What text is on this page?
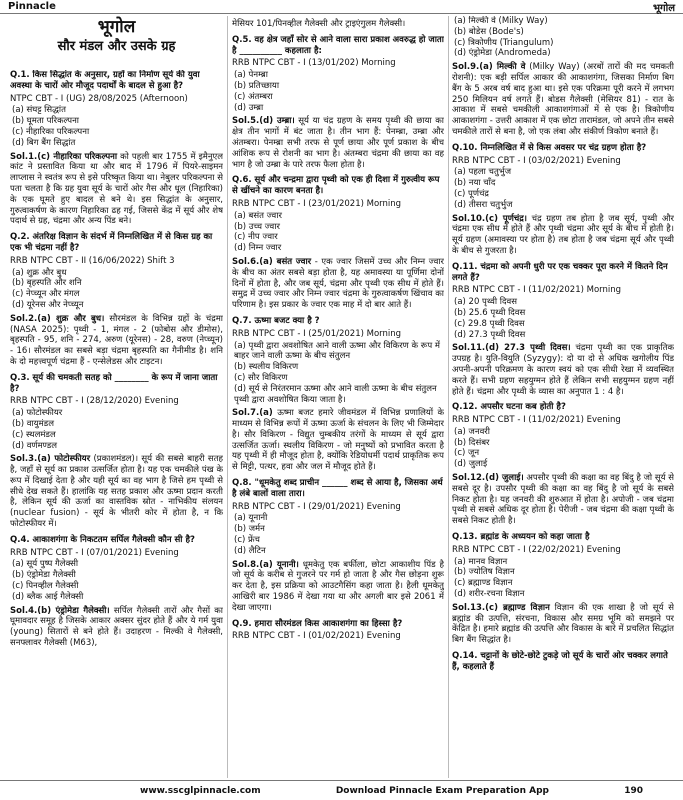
Pinnacle	भूगोल

भूगोल

सौर मंडल और उसके ग्रह

Q.1. किस सिद्धांत के अनुसार, ग्रहों का निर्माण सूर्य की युवा अवस्था के चारों ओर मौजूद पदार्थों के बादल से हुआ है?

NTPC CBT - I (UG) 28/08/2025 (Afternoon)

(a) संघट्ट सिद्धांत

(b) घूमता परिकल्पना

(c) नीहारिका परिकल्पना

(d) बिग बैंग सिद्धांत

Sol.1.(c) नीहारिका परिकल्पना को पहली बार 1755 में इमैनुएल कांट ने प्रस्तावित किया था और बाद में 1796 में पियरे-साइमन लाप्लास ने स्वतंत्र रूप से इसे परिष्कृत किया था। नेबुलर परिकल्पना से पता चलता है कि ग्रह युवा सूर्य के चारों ओर गैस और धूल (निहारिका) के एक घूमते हुए बादल से बने थे। इस सिद्धांत के अनुसार, गुरुत्वाकर्षण के कारण निहारिका ढह गई, जिससे केंद्र में सूर्य और शेष पदार्थ से ग्रह, चंद्रमा और अन्य पिंड बने।

Q.2. अंतरिक्ष विज्ञान के संदर्भ में निम्नलिखित में से किस ग्रह का एक भी चंद्रमा नहीं है?

RRB NTPC CBT - II (16/06/2022) Shift 3

(a) शुक्र और बुध

(b) बृहस्पति और शनि

(c) नेप्च्यून और मंगल

(d) यूरेनस और नेप्च्यून

Sol.2.(a) शुक्र और बुध। सौरमंडल के विभिन्न ग्रहों के चंद्रमा (NASA 2025): पृथ्वी - 1, मंगल - 2 (फोबोस और डीमोस), बृहस्पति - 95, शनि - 274, अरुण (यूरेनस) - 28, वरुण (नेप्च्यून) - 16। सौरमंडल का सबसे बड़ा चंद्रमा बृहस्पति का गैनीमीड है। शनि के दो महत्त्वपूर्ण चंद्रमा हैं - एन्सेलेडस और टाइटन।

Q.3. सूर्य की चमकती सतह को ________ के रूप में जाना जाता है?

RRB NTPC CBT - I (28/12/2020) Evening

(a) फोटोस्फीयर

(b) वायुमंडल

(c) स्थलमंडल

(d) वर्णमण्डल

Sol.3.(a) फोटोस्फीयर (प्रकाशमंडल)। सूर्य की सबसे बाहरी सतह है, जहाँ से सूर्य का प्रकाश उत्सर्जित होता है। यह एक चमकीले पंख के रूप में दिखाई देता है और यही सूर्य का वह भाग है जिसे हम पृथ्वी से सीधे देख सकते हैं। हालांकि यह सतह प्रकाश और ऊष्मा प्रदान करती है, लेकिन सूर्य की ऊर्जा का वास्तविक स्रोत - नाभिकीय संलयन (nuclear fusion) - सूर्य के भीतरी कोर में होता है, न कि फोटोस्फीयर में।

Q.4. आकाशगंगा के निकटतम सर्पिल गैलेक्सी कौन सी है?

RRB NTPC CBT - I (07/01/2021) Evening

(a) सूर्य पुष्प गैलेक्सी

(b) एंड्रोमेडा गैलेक्सी

(c) पिनव्हील गैलेक्सी

(d) ब्लैक आई गैलेक्सी

Sol.4.(b) एंड्रोमेडा गैलेक्सी। सर्पिल गैलेक्सी तारों और गैसों का घूमावदार समूह है जिसके आकार अक्सर सुंदर होते हैं और ये गर्म युवा (young) सितारों से बने होते हैं। उदाहरण - मिल्की वे गैलेक्सी, सनफ्लावर गैलेक्सी (M63),

मेसियर 101/पिनव्हील गैलेक्सी और ट्राइएंगुलम गैलेक्सी।

Q.5. वह क्षेत्र जहाँ सोर से आने वाला सारा प्रकाश अवरुद्ध हो जाता है __________ कहलाता है:

RRB NTPC CBT - I (13/01/202) Morning

(a) पेनम्ब्रा

(b) प्रतिच्छाया

(c) अंतम्बरा

(d) उम्ब्रा

Sol.5.(d) उम्ब्रा। सूर्य या चंद्र ग्रहण के समय पृथ्वी की छाया का क्षेत्र तीन भागों में बंट जाता है। तीन भाग हैं: पेनम्ब्रा, उम्ब्रा और अंतम्बरा। पेनम्ब्रा सभी तरफ से पूर्ण छाया और पूर्ण प्रकाश के बीच आंशिक रूप से रोशनी का भाग है। अंतम्बरा चंद्रमा की छाया का वह भाग है जो उम्ब्रा के पारे तरफ फैला होता है।

Q.6. सूर्य और चन्द्रमा द्वारा पृथ्वी को एक ही दिशा में गुरुत्वीय रूप से खींचने का कारण बनता है।

RRB NTPC CBT - I (23/01/2021) Morning

(a) बसंत ज्वार

(b) उच्च ज्वार

(c) नीप ज्वार

(d) निम्न ज्वार

Sol.6.(a) बसंत ज्वार - एक ज्वार जिसमें उच्च और निम्न ज्वार के बीच का अंतर सबसे बड़ा होता है, यह अमावस्या या पूर्णिमा दोनों दिनों में होता है, और जब सूर्य, चंद्रमा और पृथ्वी एक सीध में होते हैं। समुद्र में उच्च ज्वार और निम्न ज्वार चंद्रमा के गुरुत्वाकर्षण खिंचाव का परिणाम है। इस प्रकार के ज्वार एक माह में दो बार आते हैं।

Q.7. ऊष्मा बजट क्या है ?

RRB NTPC CBT - I (25/01/2021) Morning

(a) पृथ्वी द्वारा अवशोषित आने वाली ऊष्मा और विकिरण के रूप में बाहर जाने वाली ऊष्मा के बीच संतुलन

(b) स्थलीय विकिरण

(c) सौर विकिरण

(d) सूर्य से निरंतरमान ऊष्मा और आने वाली ऊष्मा के बीच संतुलन पृथ्वी द्वारा अवशोषित किया जाता है।

Sol.7.(a) ऊष्मा बजट हमारे जीवमंडल में विभिन्न प्रणालियों के माध्यम से विभिन्न रूपों में ऊष्मा ऊर्जा के संचलन के लिए भी जिम्मेदार है। सौर विकिरण - विद्युत चुम्बकीय तरंगों के माध्यम से सूर्य द्वारा उत्सर्जित ऊर्जा। स्थलीय विकिरण - जो मनुष्यों को प्रभावित करता है यह पृथ्वी में ही मौजूद होता है, क्योंकि रेडियोधर्मी पदार्थ प्राकृतिक रूप से मिट्टी, पत्थर, हवा और जल में मौजूद होते हैं।

Q.8. "धूमकेतु शब्द प्राचीन ______ शब्द से आया है, जिसका अर्थ है लंबे बालों वाला तारा।

RRB NTPC CBT - I (29/01/2021) Evening

(a) यूनानी

(b) जर्मन

(c) फ्रेंच

(d) लैटिन

Sol.8.(a) यूनानी। धूमकेतु एक बर्फीला, छोटा आकाशीय पिंड है जो सूर्य के करीब से गुजरने पर गर्म हो जाता है और गैस छोड़ना शुरू कर देता है, इस प्रक्रिया को आउटगैसिंग कहा जाता है। हैली धूमकेतु आखिरी बार 1986 में देखा गया था और अगली बार इसे 2061 में देखा जाएगा।

Q.9. हमारा सौरमंडल किस आकाशगंगा का हिस्सा है?

RRB NTPC CBT - I (01/02/2021) Evening

(a) मिल्की वे (Milky Way)

(b) बोडेस (Bode's)

(c) त्रिकोणीय (Triangulum)

(d) एंड्रोमेडा (Andromeda)

Sol.9.(a) मिल्की वे (Milky Way) (अरबों तारों की मद चमकती रोशनी): एक बड़ी सर्पिल आकार की आकाशगंगा, जिसका निर्माण बिग बैंग के 5 अरब वर्ष बाद हुआ था। इसे एक परिक्रमा पूरी करने में लगभग 250 मिलियन वर्ष लगते हैं। बोडस गैलेक्सी (मेसियर 81) - रात के आकाश में सबसे चमकीली आकाशगंगाओं में से एक है। त्रिकोणीय आकाशगंगा - उत्तरी आकाश में एक छोटा तारामंडल, जो अपने तीन सबसे चमकीले तारों से बना है, जो एक लंबा और संकीर्ण त्रिकोण बनाते हैं।

Q.10. निम्नलिखित में से किस अवसर पर चंद्र ग्रहण होता है?

RRB NTPC CBT - I (03/02/2021) Evening

(a) पहला चतुर्भुज

(b) नया चाँद

(c) पूर्णचंद्र

(d) तीसरा चतुर्भुज

Sol.10.(c) पूर्णचंद्र। चंद्र ग्रहण तब होता है जब सूर्य, पृथ्वी और चंद्रमा एक सीध में होते हैं और पृथ्वी चंद्रमा और सूर्य के बीच में होती है। सूर्य ग्रहण (अमावस्या पर होता है) तब होता है जब चंद्रमा सूर्य और पृथ्वी के बीच से गुजरता है।

Q.11. चंद्रमा को अपनी धुरी पर एक चक्कर पूरा करने में कितने दिन लगते हैं?

RRB NTPC CBT - I (11/02/2021) Morning

(a) 20 पृथ्वी दिवस

(b) 25.6 पृथ्वी दिवस

(c) 29.8 पृथ्वी दिवस

(d) 27.3 पृथ्वी दिवस

Sol.11.(d) 27.3 पृथ्वी दिवस। चंद्रमा पृथ्वी का एक प्राकृतिक उपग्रह है। युति-वियुति (Syzygy): दो या दो से अधिक खगोलीय पिंड अपनी-अपनी परिक्रमण के कारण स्वयं को एक सीधी रेखा में व्यवस्थित करते हैं। सभी ग्रहण सहयुग्मन होते हैं लेकिन सभी सहयुग्मन ग्रहण नहीं होते हैं। चंद्रमा और पृथ्वी के व्यास का अनुपात 1 : 4 है।

Q.12. अपसौर घटना कब होती है?

RRB NTPC CBT - I (11/02/2021) Evening

(a) जनवरी

(b) दिसंबर

(c) जून

(d) जुलाई

Sol.12.(d) जुलाई। अपसौर पृथ्वी की कक्षा का वह बिंदु है जो सूर्य से सबसे दूर है। उपसौर पृथ्वी की कक्षा का वह बिंदु है जो सूर्य के सबसे निकट होता है। यह जनवरी की शुरुआत में होता है। अपोजी - जब चंद्रमा पृथ्वी से सबसे अधिक दूर होता है। पेरीजी - जब चंद्रमा की कक्षा पृथ्वी के सबसे निकट होती है।

Q.13. ब्रह्मांड के अध्ययन को कहा जाता है

RRB NTPC CBT - I (22/02/2021) Evening

(a) मानव विज्ञान

(b) ज्योतिष विज्ञान

(c) ब्रह्माण्ड विज्ञान

(d) शरीर-रचना विज्ञान

Sol.13.(c) ब्रह्माण्ड विज्ञान विज्ञान की एक शाखा है जो सूर्य से ब्रह्मांड की उत्पत्ति, संरचना, विकास और समग्र भूमि को समझने पर केंद्रित है। हमारे ब्रह्मांड की उत्पत्ति और विकास के बारे में प्रचलित सिद्धांत बिग बैंग सिद्धांत है।

Q.14. चट्टानों के छोटे-छोटे टुकड़े जो सूर्य के चारों ओर चक्कर लगाते हैं, कहलाते हैं

www.sscglpinnacle.com	Download Pinnacle Exam Preparation App	190
